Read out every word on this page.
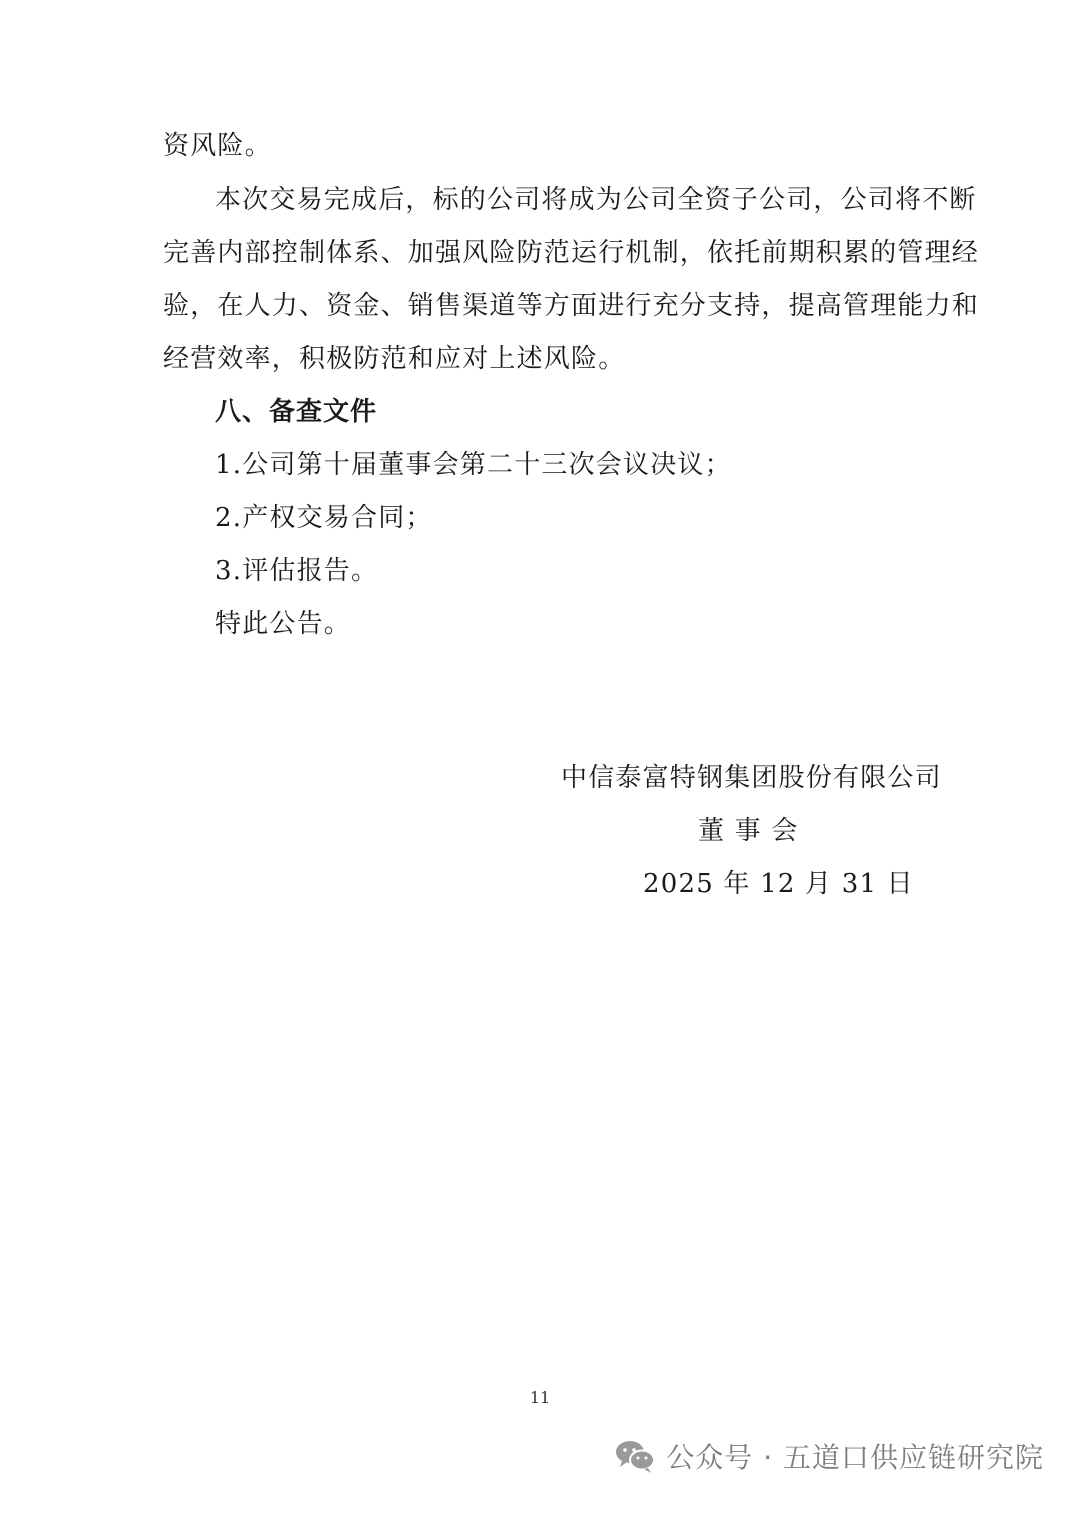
资风险。
本次交易完成后，标的公司将成为公司全资子公司，公司将不断
完善内部控制体系、加强风险防范运行机制，依托前期积累的管理经
验，在人力、资金、销售渠道等方面进行充分支持，提高管理能力和
经营效率，积极防范和应对上述风险。
八、备查文件
1.公司第十届董事会第二十三次会议决议；
2.产权交易合同；
3.评估报告。
特此公告。
中信泰富特钢集团股份有限公司
董 事 会
2025 年 12 月 31 日
11
公众号 · 五道口供应链研究院
